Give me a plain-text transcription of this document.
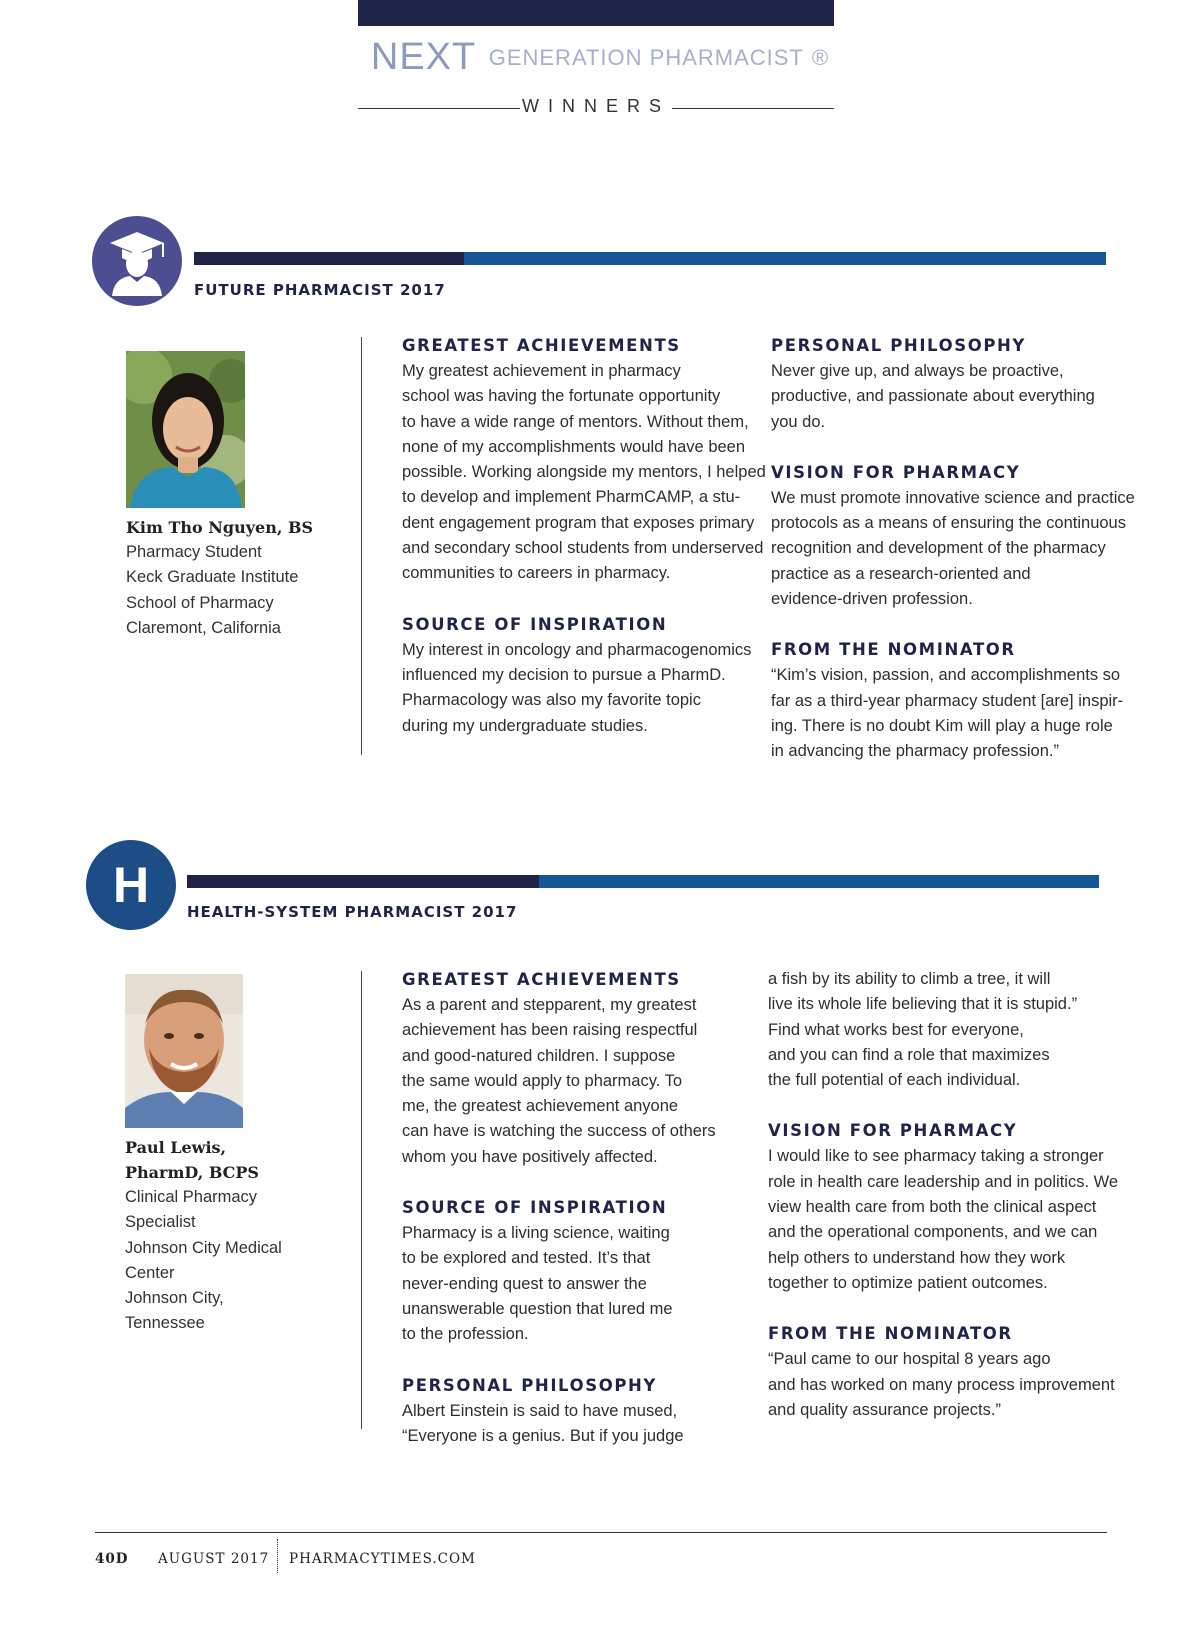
NEXT GENERATION PHARMACIST ®
WINNERS
FUTURE PHARMACIST 2017
Kim Tho Nguyen, BS
Pharmacy Student
Keck Graduate Institute
School of Pharmacy
Claremont, California
GREATEST ACHIEVEMENTS
My greatest achievement in pharmacy
school was having the fortunate opportunity
to have a wide range of mentors. Without them,
none of my accomplishments would have been
possible. Working alongside my mentors, I helped
to develop and implement PharmCAMP, a stu-
dent engagement program that exposes primary
and secondary school students from underserved
communities to careers in pharmacy.
SOURCE OF INSPIRATION
My interest in oncology and pharmacogenomics
influenced my decision to pursue a PharmD.
Pharmacology was also my favorite topic
during my undergraduate studies.
PERSONAL PHILOSOPHY
Never give up, and always be proactive,
productive, and passionate about everything
you do.
VISION FOR PHARMACY
We must promote innovative science and practice
protocols as a means of ensuring the continuous
recognition and development of the pharmacy
practice as a research-oriented and
evidence-driven profession.
FROM THE NOMINATOR
“Kim’s vision, passion, and accomplishments so
far as a third-year pharmacy student [are] inspir-
ing. There is no doubt Kim will play a huge role
in advancing the pharmacy profession.”
H	HEALTH-SYSTEM PHARMACIST 2017
Paul Lewis,
PharmD, BCPS
Clinical Pharmacy
Specialist
Johnson City Medical
Center
Johnson City,
Tennessee
GREATEST ACHIEVEMENTS
As a parent and stepparent, my greatest
achievement has been raising respectful
and good-natured children. I suppose
the same would apply to pharmacy. To
me, the greatest achievement anyone
can have is watching the success of others
whom you have positively affected.
SOURCE OF INSPIRATION
Pharmacy is a living science, waiting
to be explored and tested. It’s that
never-ending quest to answer the
unanswerable question that lured me
to the profession.
PERSONAL PHILOSOPHY
Albert Einstein is said to have mused,
“Everyone is a genius. But if you judge
a fish by its ability to climb a tree, it will
live its whole life believing that it is stupid.”
Find what works best for everyone,
and you can find a role that maximizes
the full potential of each individual.
VISION FOR PHARMACY
I would like to see pharmacy taking a stronger
role in health care leadership and in politics. We
view health care from both the clinical aspect
and the operational components, and we can
help others to understand how they work
together to optimize patient outcomes.
FROM THE NOMINATOR
“Paul came to our hospital 8 years ago
and has worked on many process improvement
and quality assurance projects.”
40D AUGUST 2017 PHARMACYTIMES.COM
